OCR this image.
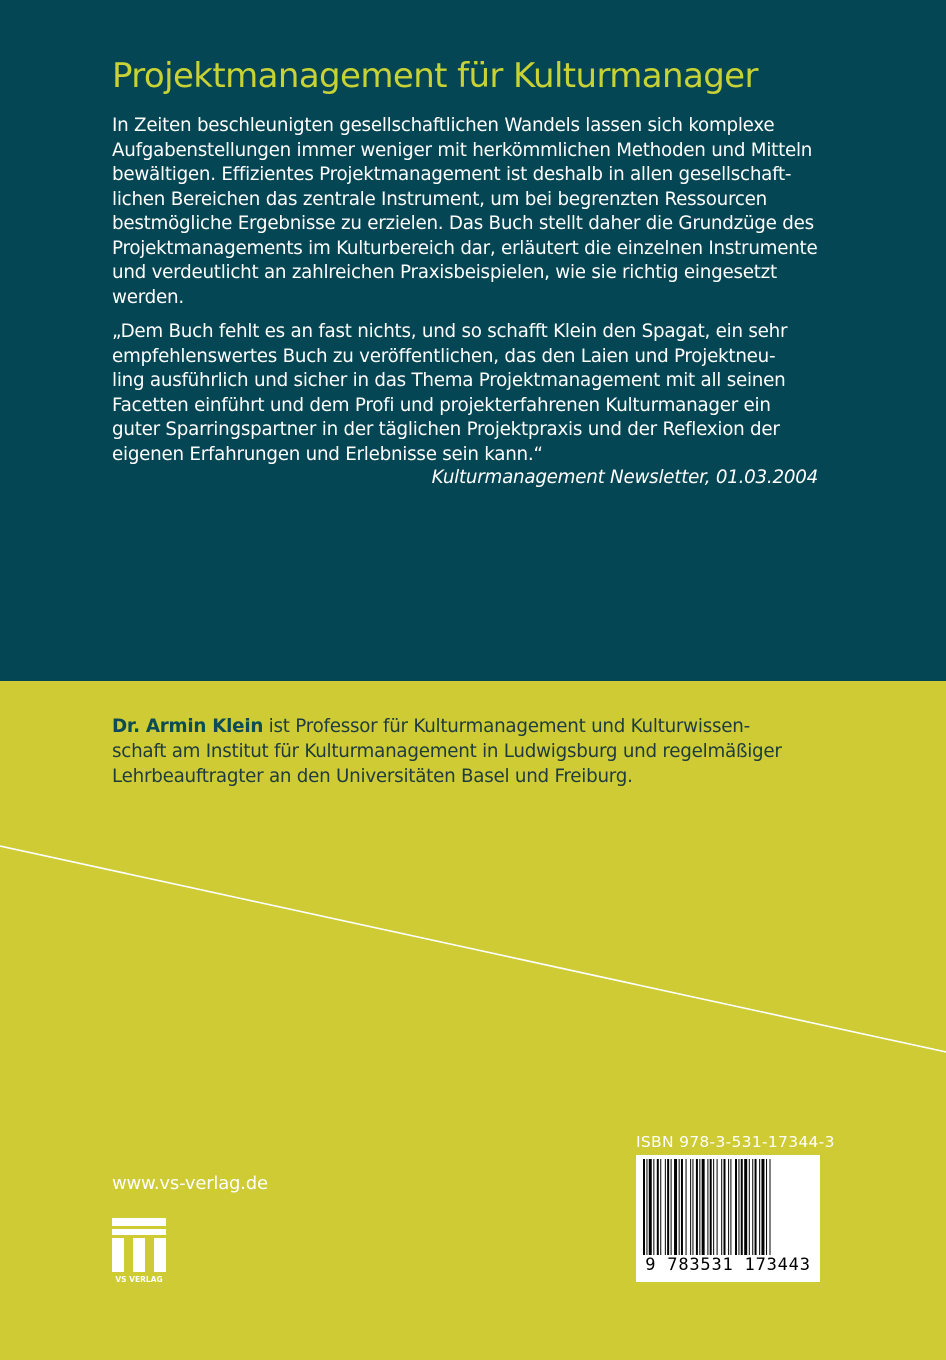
Projektmanagement für Kulturmanager
In Zeiten beschleunigten gesellschaftlichen Wandels lassen sich komplexe
Aufgabenstellungen immer weniger mit herkömmlichen Methoden und Mitteln
bewältigen. Effizientes Projektmanagement ist deshalb in allen gesellschaft-
lichen Bereichen das zentrale Instrument, um bei begrenzten Ressourcen
bestmögliche Ergebnisse zu erzielen. Das Buch stellt daher die Grundzüge des
Projektmanagements im Kulturbereich dar, erläutert die einzelnen Instrumente
und verdeutlicht an zahlreichen Praxisbeispielen, wie sie richtig eingesetzt
werden.
„Dem Buch fehlt es an fast nichts, und so schafft Klein den Spagat, ein sehr
empfehlenswertes Buch zu veröffentlichen, das den Laien und Projektneu-
ling ausführlich und sicher in das Thema Projektmanagement mit all seinen
Facetten einführt und dem Profi und projekterfahrenen Kulturmanager ein
guter Sparringspartner in der täglichen Projektpraxis und der Reflexion der
eigenen Erfahrungen und Erlebnisse sein kann.“
Kulturmanagement Newsletter, 01.03.2004
Dr. Armin Klein ist Professor für Kulturmanagement und Kulturwissen-
schaft am Institut für Kulturmanagement in Ludwigsburg und regelmäßiger
Lehrbeauftragter an den Universitäten Basel und Freiburg.
ISBN 978-3-531-17344-3
9 783531 173443
www.vs-verlag.de
VS VERLAG
